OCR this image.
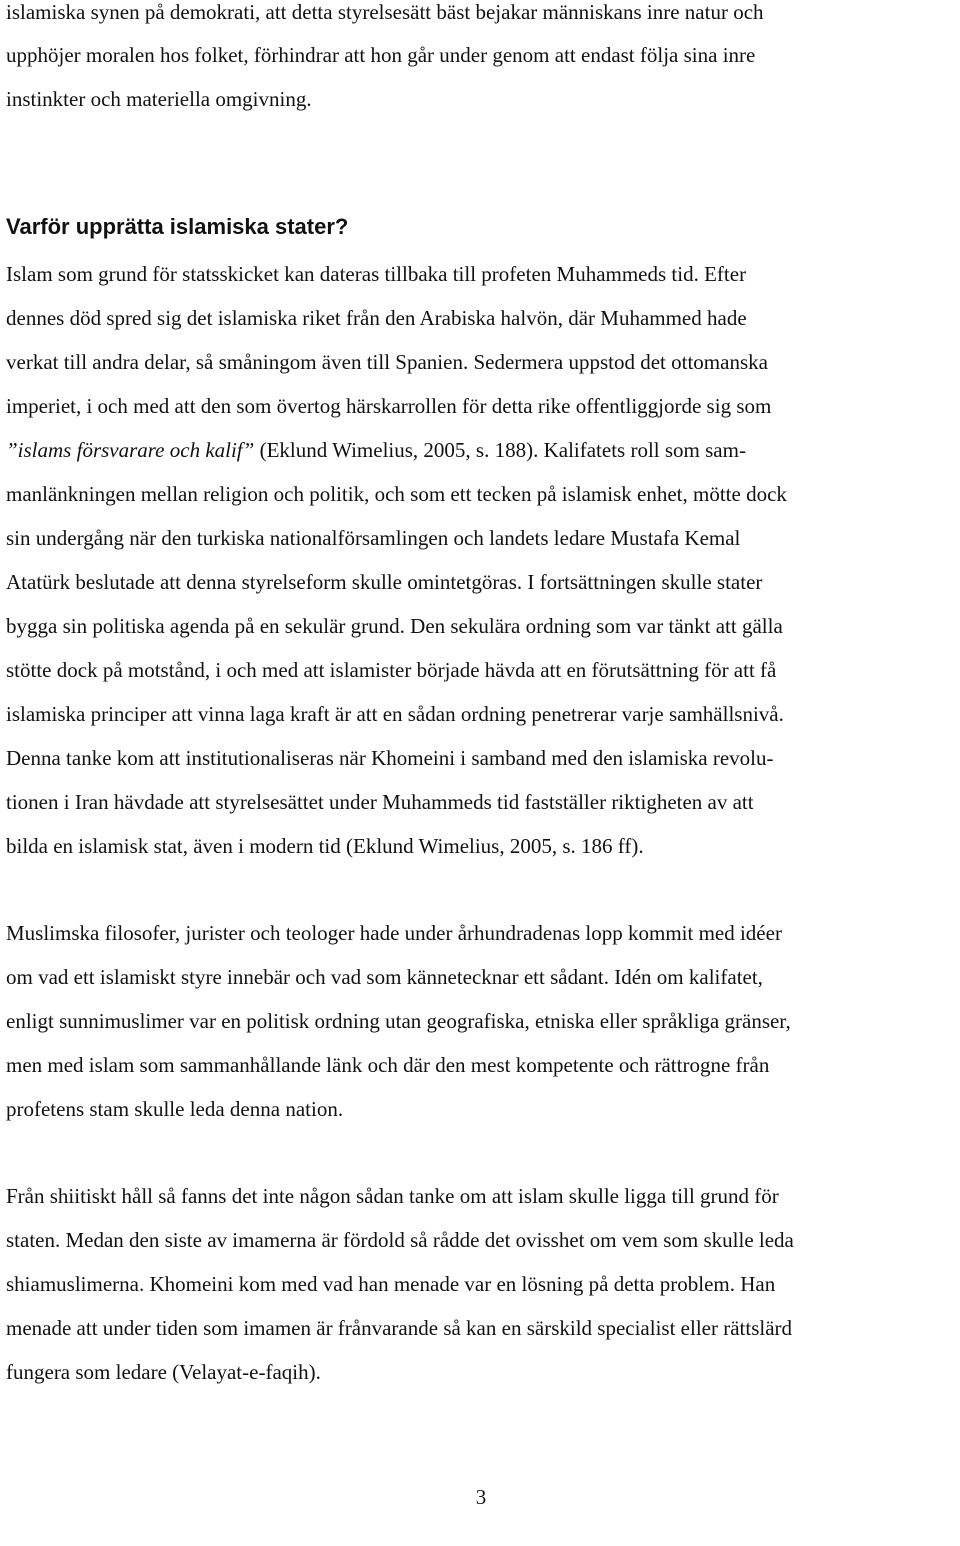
islamiska synen på demokrati, att detta styrelsesätt bäst bejakar människans inre natur och
upphöjer moralen hos folket, förhindrar att hon går under genom att endast följa sina inre
instinkter och materiella omgivning.
Varför upprätta islamiska stater?
Islam som grund för statsskicket kan dateras tillbaka till profeten Muhammeds tid. Efter
dennes död spred sig det islamiska riket från den Arabiska halvön, där Muhammed hade
verkat till andra delar, så småningom även till Spanien. Sedermera uppstod det ottomanska
imperiet, i och med att den som övertog härskarrollen för detta rike offentliggjorde sig som
”islams försvarare och kalif” (Eklund Wimelius, 2005, s. 188). Kalifatets roll som sam-
manlänkningen mellan religion och politik, och som ett tecken på islamisk enhet, mötte dock
sin undergång när den turkiska nationalförsamlingen och landets ledare Mustafa Kemal
Atatürk beslutade att denna styrelseform skulle omintetgöras. I fortsättningen skulle stater
bygga sin politiska agenda på en sekulär grund. Den sekulära ordning som var tänkt att gälla
stötte dock på motstånd, i och med att islamister började hävda att en förutsättning för att få
islamiska principer att vinna laga kraft är att en sådan ordning penetrerar varje samhällsnivå.
Denna tanke kom att institutionaliseras när Khomeini i samband med den islamiska revolu-
tionen i Iran hävdade att styrelsesättet under Muhammeds tid fastställer riktigheten av att
bilda en islamisk stat, även i modern tid (Eklund Wimelius, 2005, s. 186 ff).
Muslimska filosofer, jurister och teologer hade under århundradenas lopp kommit med idéer
om vad ett islamiskt styre innebär och vad som kännetecknar ett sådant. Idén om kalifatet,
enligt sunnimuslimer var en politisk ordning utan geografiska, etniska eller språkliga gränser,
men med islam som sammanhållande länk och där den mest kompetente och rättrogne från
profetens stam skulle leda denna nation.
Från shiitiskt håll så fanns det inte någon sådan tanke om att islam skulle ligga till grund för
staten. Medan den siste av imamerna är fördold så rådde det ovisshet om vem som skulle leda
shiamuslimerna. Khomeini kom med vad han menade var en lösning på detta problem. Han
menade att under tiden som imamen är frånvarande så kan en särskild specialist eller rättslärd
fungera som ledare (Velayat-e-faqih).
3
